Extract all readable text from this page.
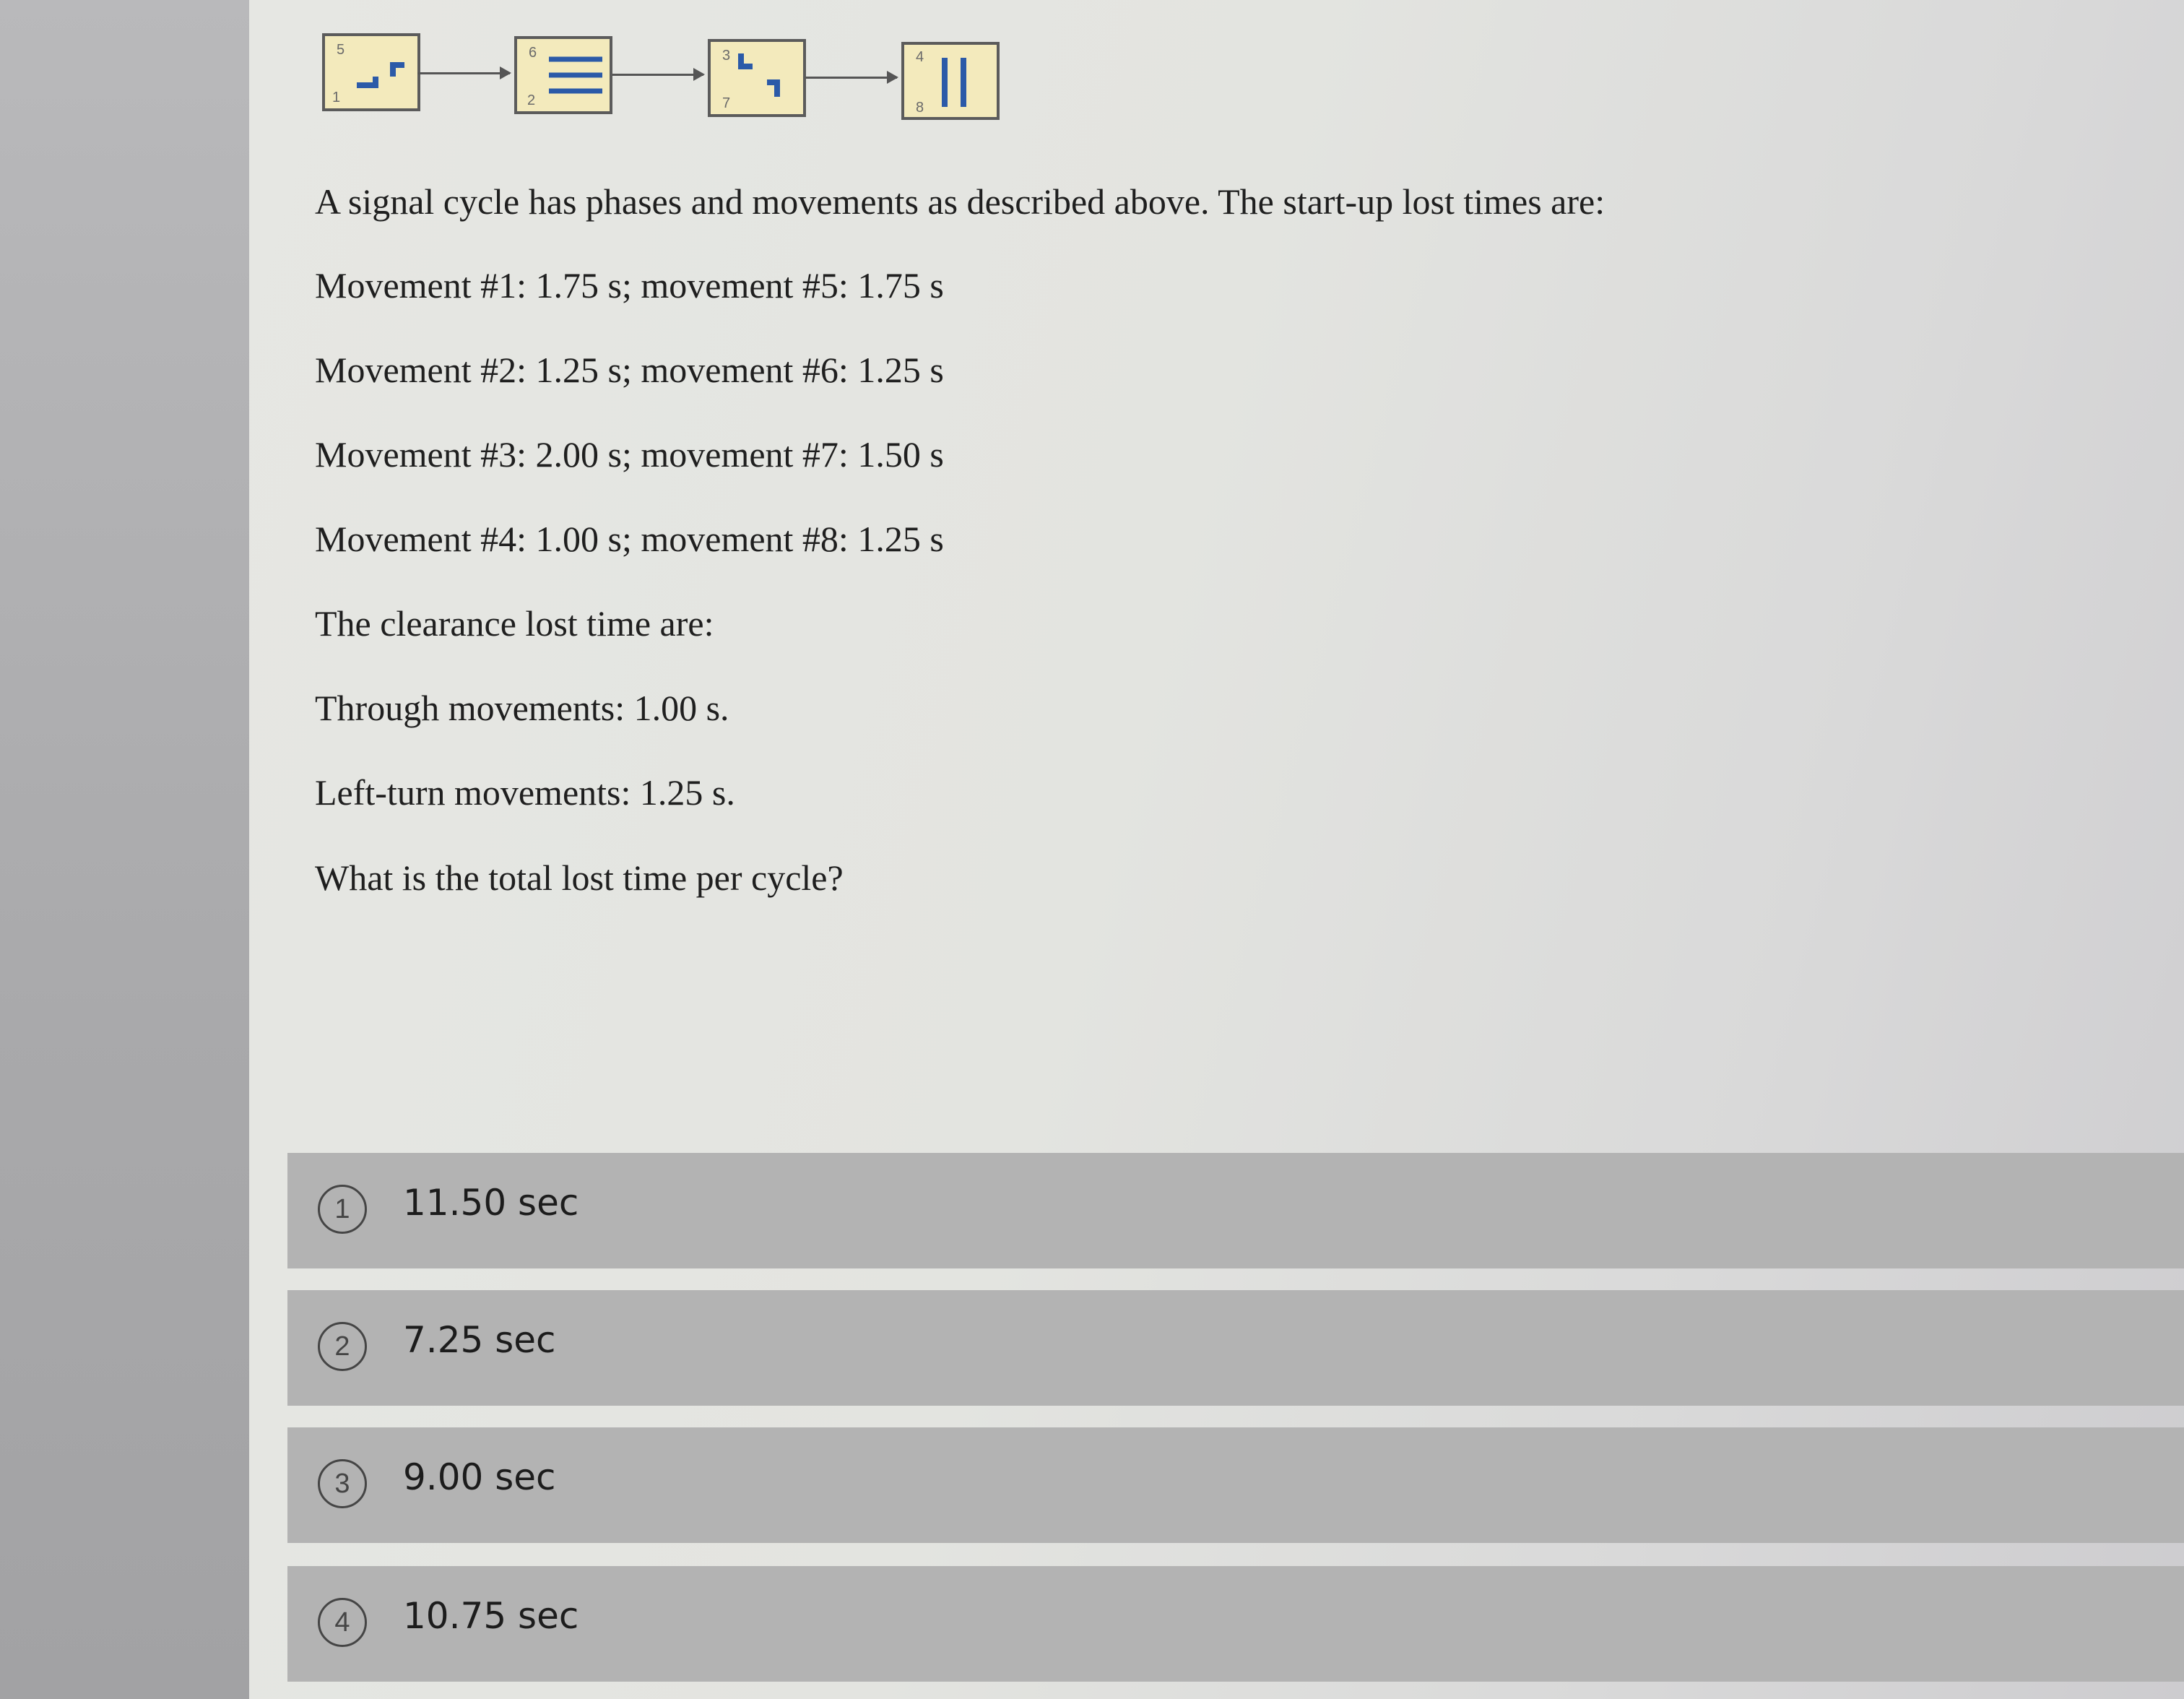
5
1
6
2
3
7
4
8
A signal cycle has phases and movements as described above. The start-up lost times are:
Movement #1: 1.75 s; movement #5: 1.75 s
Movement #2: 1.25 s; movement #6: 1.25 s
Movement #3: 2.00 s; movement #7: 1.50 s
Movement #4: 1.00 s; movement #8: 1.25 s
The clearance lost time are:
Through movements: 1.00 s.
Left-turn movements: 1.25 s.
What is the total lost time per cycle?
1	11.50 sec
2	7.25 sec
3	9.00 sec
4	10.75 sec
